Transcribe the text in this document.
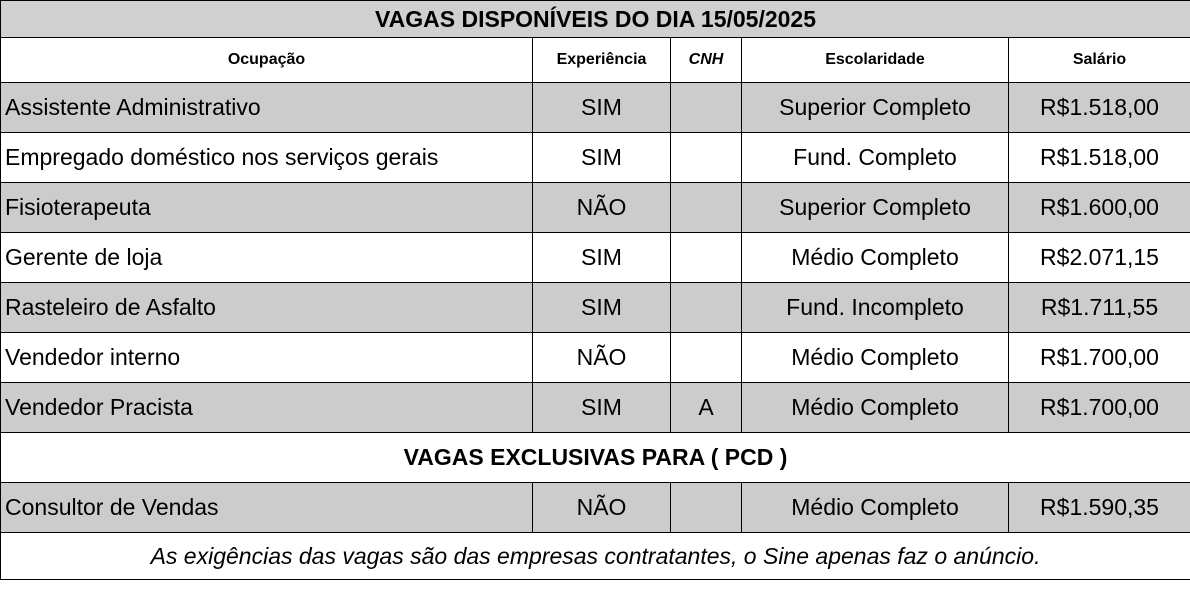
VAGAS DISPONÍVEIS DO DIA 15/05/2025				
Ocupação	Experiência	CNH	Escolaridade	Salário
Assistente Administrativo	SIM		Superior Completo	R$1.518,00
Empregado doméstico nos serviços gerais	SIM		Fund. Completo	R$1.518,00
Fisioterapeuta	NÃO		Superior Completo	R$1.600,00
Gerente de loja	SIM		Médio Completo	R$2.071,15
Rasteleiro de Asfalto	SIM		Fund. Incompleto	R$1.711,55
Vendedor interno	NÃO		Médio Completo	R$1.700,00
Vendedor Pracista	SIM	A	Médio Completo	R$1.700,00
VAGAS EXCLUSIVAS PARA ( PCD )				
Consultor de Vendas	NÃO		Médio Completo	R$1.590,35
As exigências das vagas são das empresas contratantes, o Sine apenas faz o anúncio.				
